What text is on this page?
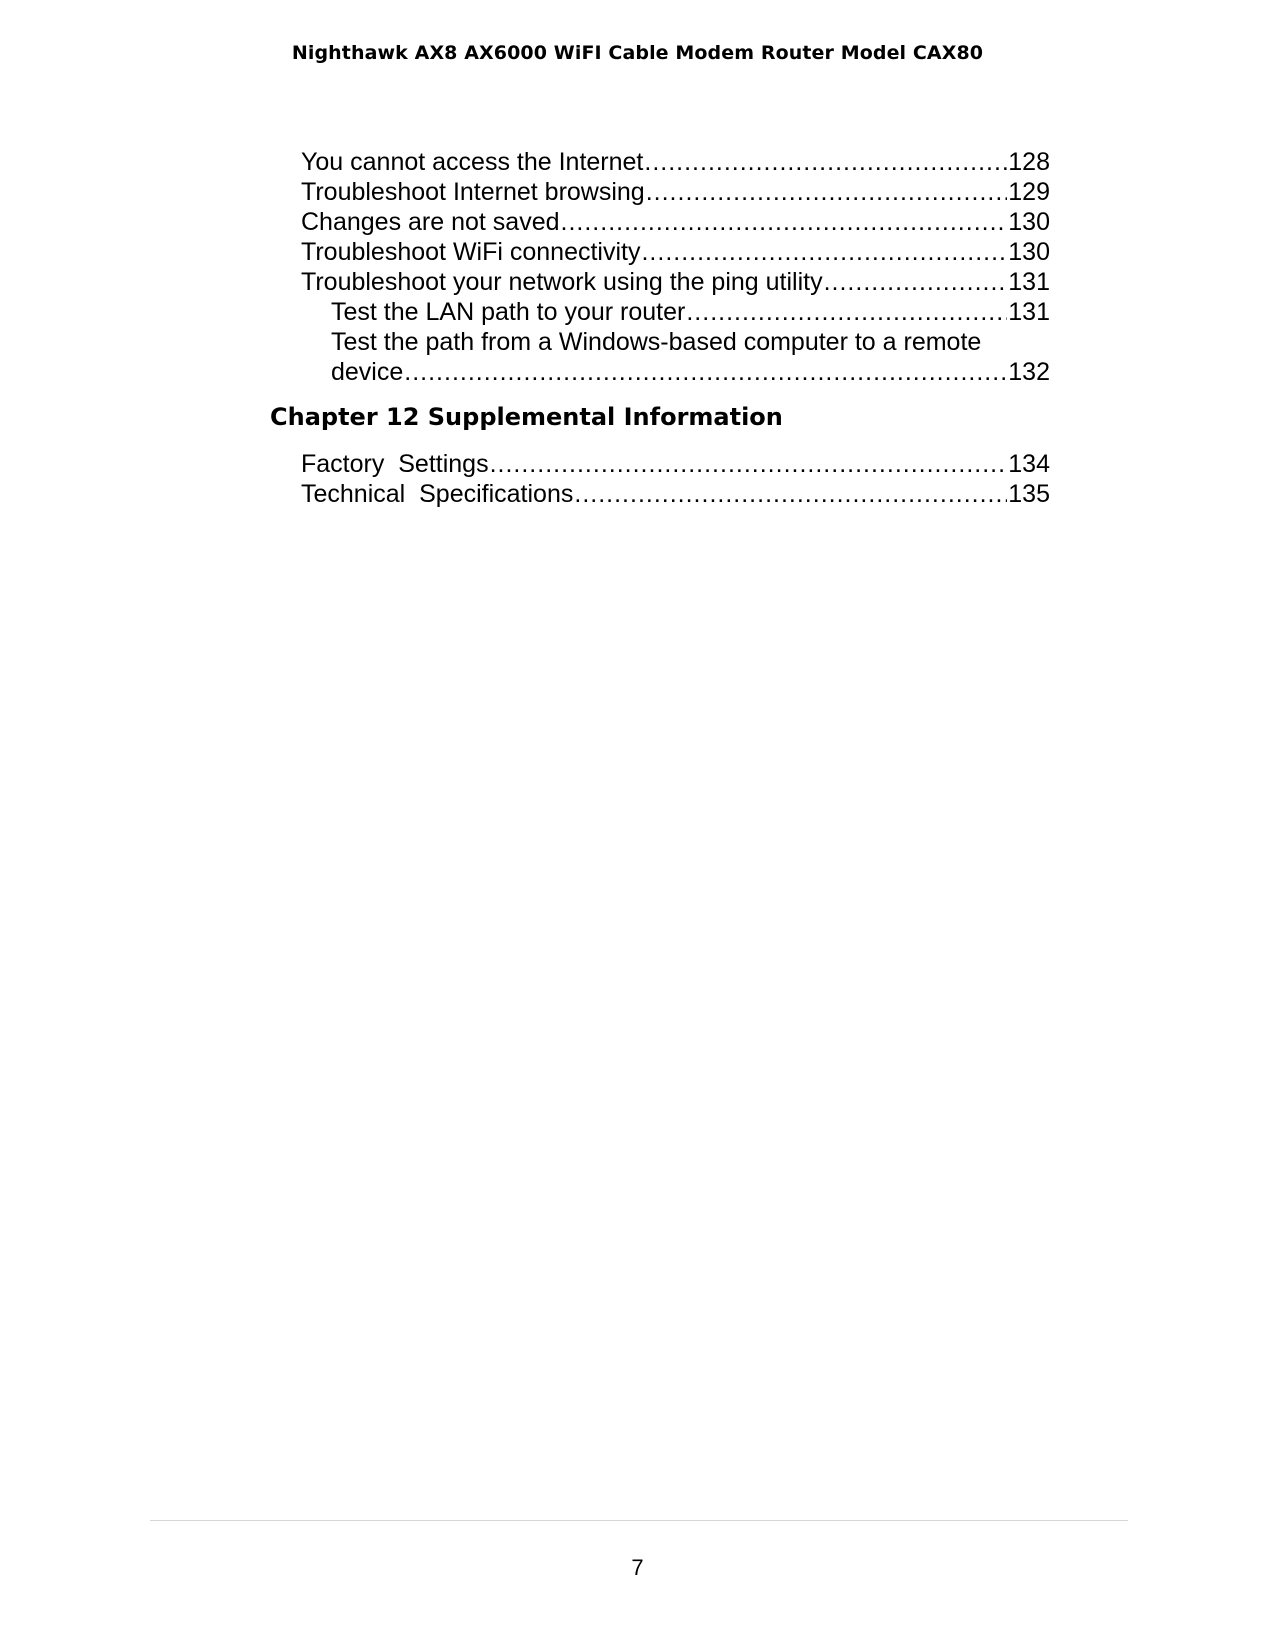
Nighthawk AX8 AX6000 WiFI Cable Modem Router Model CAX80
You cannot access the Internet .....	128
Troubleshoot Internet browsing .....	129
Changes are not saved .....	130
Troubleshoot WiFi connectivity .....	130
Troubleshoot your network using the ping utility .....	131
Test the LAN path to your router .....	131
Test the path from a Windows-based computer to a remote
device .....	132
Chapter 12 Supplemental Information
Factory  Settings .....	134
Technical  Specifications .....	135
7
